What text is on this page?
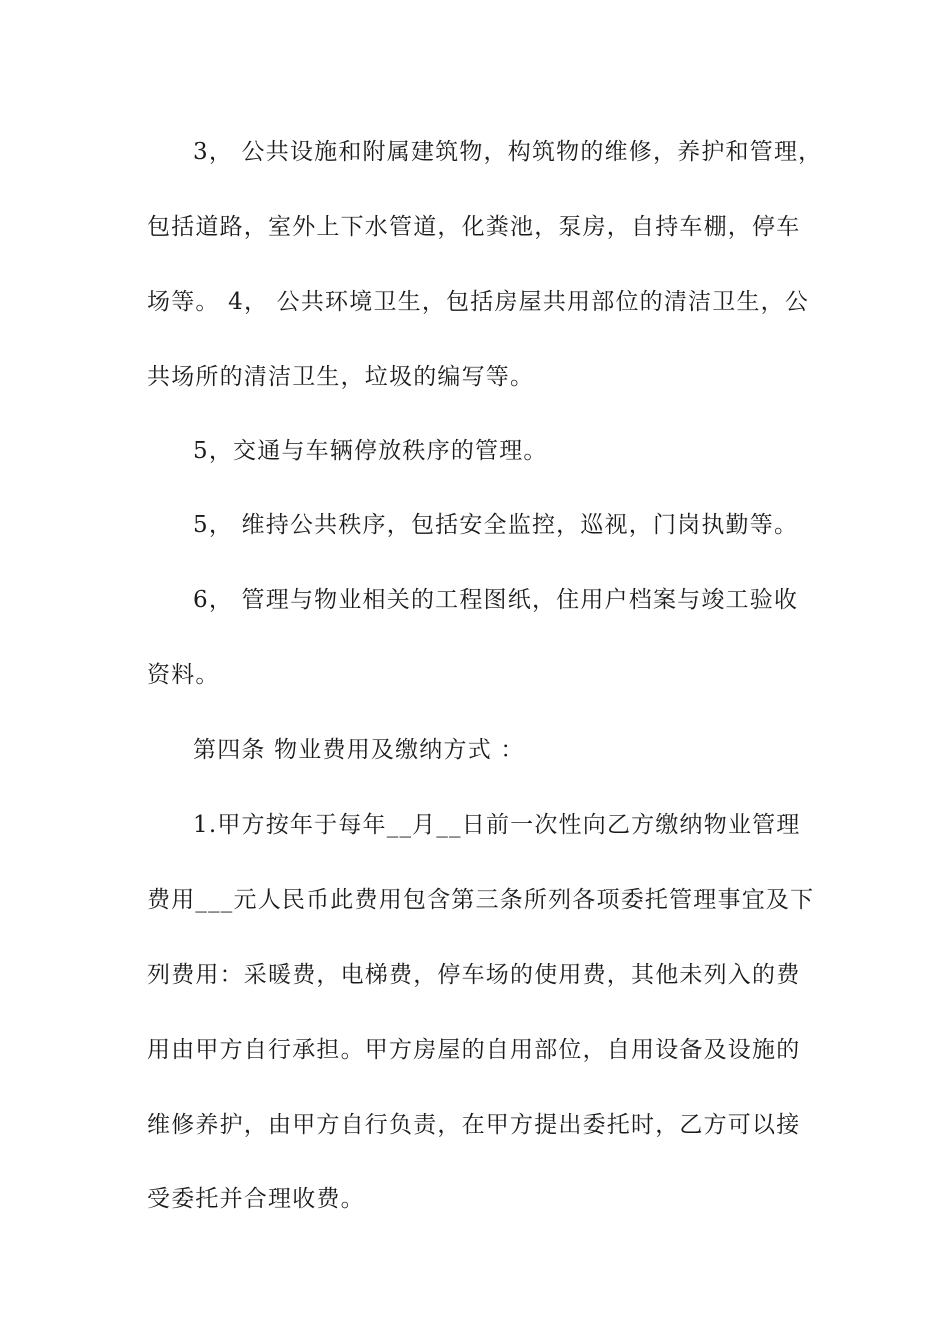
3， 公共设施和附属建筑物，构筑物的维修，养护和管理，
包括道路，室外上下水管道，化粪池，泵房，自持车棚，停车
场等。 4， 公共环境卫生，包括房屋共用部位的清洁卫生，公
共场所的清洁卫生，垃圾的编写等。
5，交通与车辆停放秩序的管理。
5， 维持公共秩序，包括安全监控，巡视，门岗执勤等。
6， 管理与物业相关的工程图纸，住用户档案与竣工验收
资料。
第四条 物业费用及缴纳方式 ：
1.甲方按年于每年__月__日前一次性向乙方缴纳物业管理
费用___元人民币此费用包含第三条所列各项委托管理事宜及下
列费用：采暖费，电梯费，停车场的使用费，其他未列入的费
用由甲方自行承担。甲方房屋的自用部位，自用设备及设施的
维修养护，由甲方自行负责，在甲方提出委托时，乙方可以接
受委托并合理收费。
